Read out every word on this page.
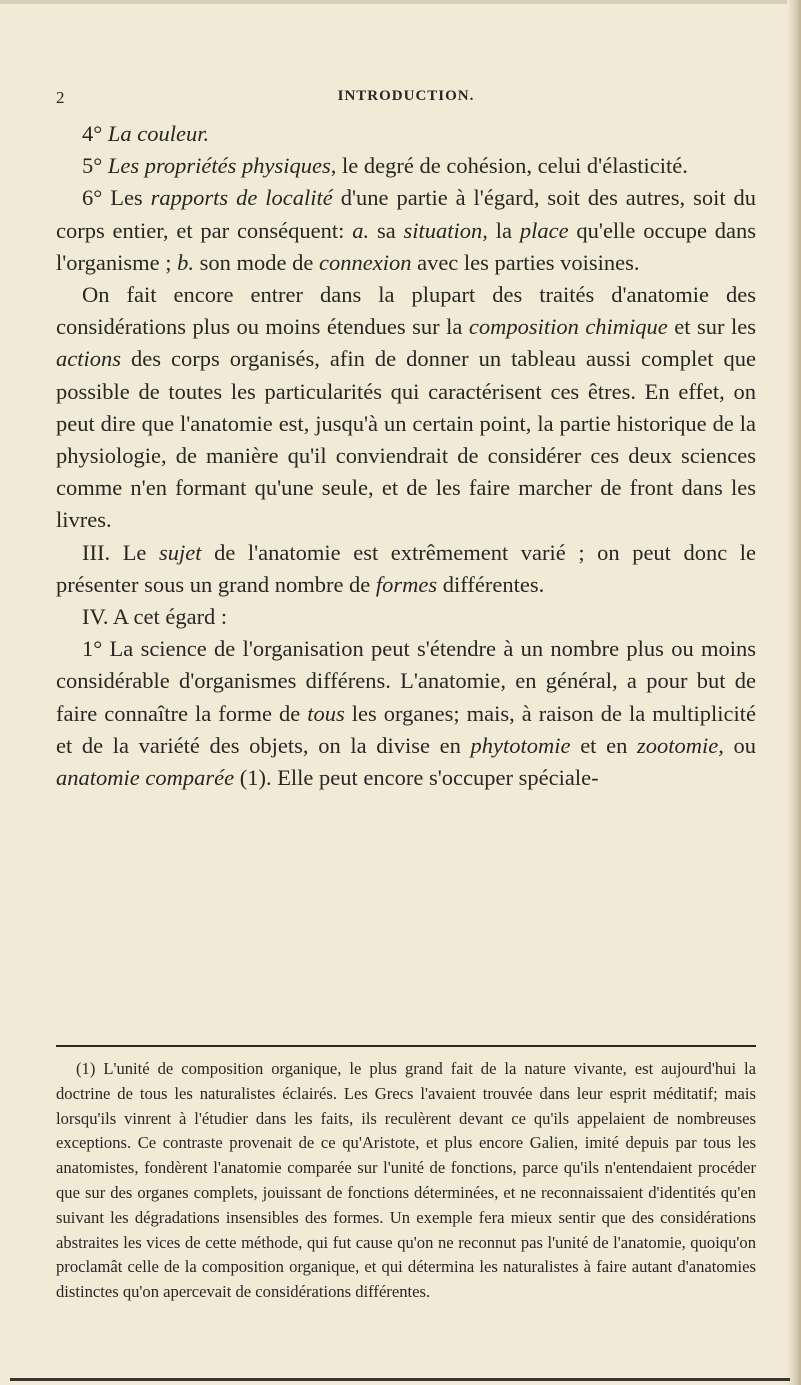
2	INTRODUCTION.

4° La couleur.

5° Les propriétés physiques, le degré de cohésion, celui d'élasticité.

6° Les rapports de localité d'une partie à l'égard, soit des autres, soit du corps entier, et par conséquent: a. sa situation, la place qu'elle occupe dans l'organisme ; b. son mode de connexion avec les parties voisines.

On fait encore entrer dans la plupart des traités d'anatomie des considérations plus ou moins étendues sur la composition chimique et sur les actions des corps organisés, afin de donner un tableau aussi complet que possible de toutes les particularités qui caractérisent ces êtres. En effet, on peut dire que l'anatomie est, jusqu'à un certain point, la partie historique de la physiologie, de manière qu'il conviendrait de considérer ces deux sciences comme n'en formant qu'une seule, et de les faire marcher de front dans les livres.

III. Le sujet de l'anatomie est extrêmement varié ; on peut donc le présenter sous un grand nombre de formes différentes.

IV. A cet égard :

1° La science de l'organisation peut s'étendre à un nombre plus ou moins considérable d'organismes différens. L'anatomie, en général, a pour but de faire connaître la forme de tous les organes; mais, à raison de la multiplicité et de la variété des objets, on la divise en phytotomie et en zootomie, ou anatomie comparée (1). Elle peut encore s'occuper spéciale-

(1) L'unité de composition organique, le plus grand fait de la nature vivante, est aujourd'hui la doctrine de tous les naturalistes éclairés. Les Grecs l'avaient trouvée dans leur esprit méditatif; mais lorsqu'ils vinrent à l'étudier dans les faits, ils reculèrent devant ce qu'ils appelaient de nombreuses exceptions. Ce contraste provenait de ce qu'Aristote, et plus encore Galien, imité depuis par tous les anatomistes, fondèrent l'anatomie comparée sur l'unité de fonctions, parce qu'ils n'entendaient procéder que sur des organes complets, jouissant de fonctions déterminées, et ne reconnaissaient d'identités qu'en suivant les dégradations insensibles des formes. Un exemple fera mieux sentir que des considérations abstraites les vices de cette méthode, qui fut cause qu'on ne reconnut pas l'unité de l'anatomie, quoiqu'on proclamât celle de la composition organique, et qui détermina les naturalistes à faire autant d'anatomies distinctes qu'on apercevait de considérations différentes.
